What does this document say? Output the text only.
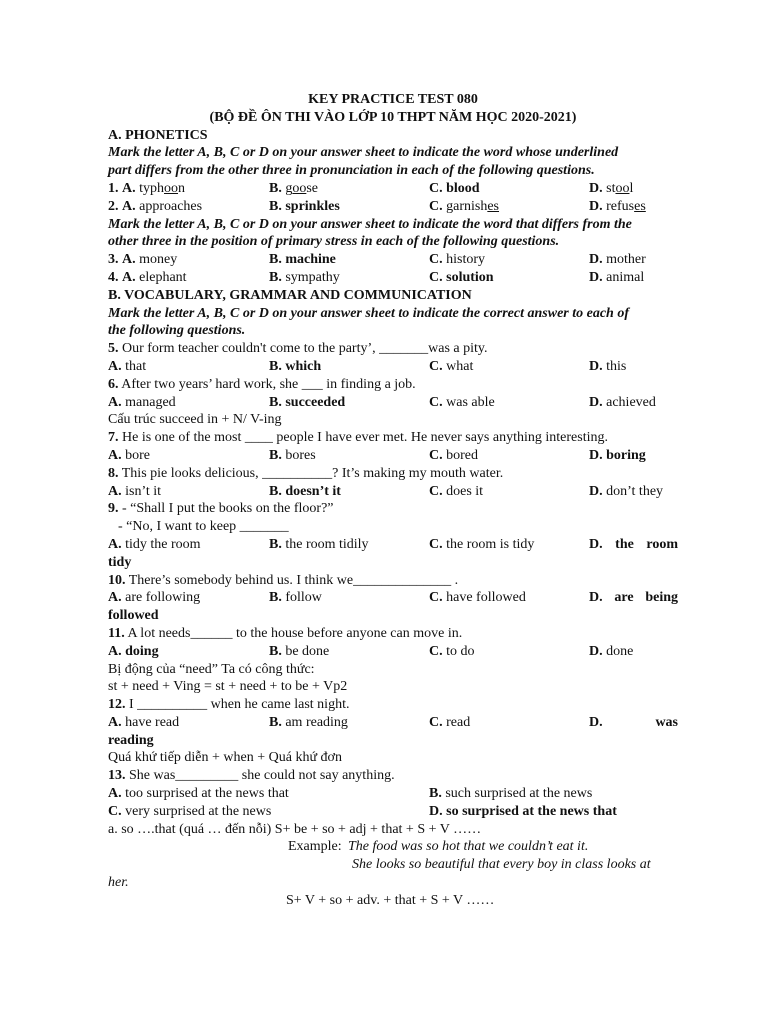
KEY PRACTICE TEST 080
(BỘ ĐỀ ÔN THI VÀO LỚP 10 THPT NĂM HỌC 2020-2021)
A. PHONETICS
Mark the letter A, B, C or D on your answer sheet to indicate the word whose underlined
part differs from the other three in pronunciation in each of the following questions.
1. A. typhoon	B. goose	C. blood	D. stool
2. A. approaches	B. sprinkles	C. garnishes	D. refuses
Mark the letter A, B, C or D on your answer sheet to indicate the word that differs from the
other three in the position of primary stress in each of the following questions.
3. A. money	B. machine	C. history	D. mother
4. A. elephant	B. sympathy	C. solution	D. animal
B. VOCABULARY, GRAMMAR AND COMMUNICATION
Mark the letter A, B, C or D on your answer sheet to indicate the correct answer to each of
the following questions.
5. Our form teacher couldn't come to the party’, _______was a pity.
A. that	B. which	C. what	D. this
6. After two years’ hard work, she ___ in finding a job.
A. managed	B. succeeded	C. was able	D. achieved
Cấu trúc succeed in + N/ V-ing
7. He is one of the most ____ people I have ever met. He never says anything interesting.
A. bore	B. bores	C. bored	D. boring
8. This pie looks delicious, __________? It’s making my mouth water.
A. isn’t it	B. doesn’t it	C. does it	D. don’t they
9. - “Shall I put the books on the floor?”
- “No, I want to keep _______
A. tidy the room	B. the room tidily	C. the room is tidy	D. the room
tidy
10. There’s somebody behind us. I think we______________ .
A. are following	B. follow	C. have followed	D. are being
followed
11. A lot needs______ to the house before anyone can move in.
A. doing	B. be done	C. to do	D. done
Bị động của “need” Ta có công thức:
st + need + Ving = st + need + to be + Vp2
12. I __________ when he came last night.
A. have read	B. am reading	C. read	D.	was
reading
Quá khứ tiếp diễn + when + Quá khứ đơn
13. She was_________ she could not say anything.
A. too surprised at the news that	B. such surprised at the news
C. very surprised at the news	D. so surprised at the news that
a. so ….that (quá … đến nỗi) S+ be + so + adj + that + S + V ……
Example: The food was so hot that we couldn’t eat it.
She looks so beautiful that every boy in class looks at
her.
S+ V + so + adv. + that + S + V ……
